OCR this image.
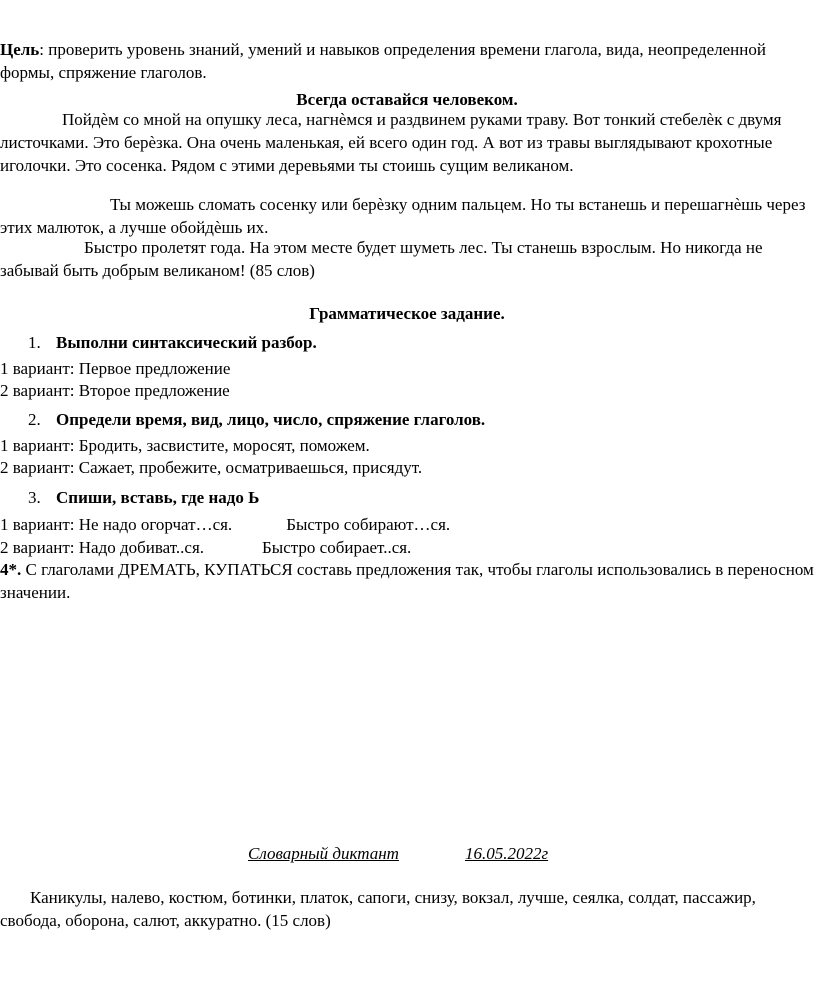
Цель: проверить уровень знаний, умений и навыков определения времени глагола, вида, неопределенной формы, спряжение глаголов.

Всегда оставайся человеком.

Пойдѐм со мной на опушку леса, нагнѐмся и раздвинем руками траву. Вот тонкий стебелѐк с двумя листочками. Это берѐзка. Она очень маленькая, ей всего один год. А вот из травы выглядывают крохотные иголочки. Это сосенка. Рядом с этими деревьями ты стоишь сущим великаном.

Ты можешь сломать сосенку или берѐзку одним пальцем. Но ты встанешь и перешагнѐшь через этих малюток, а лучше обойдѐшь их.

Быстро пролетят года. На этом месте будет шуметь лес. Ты станешь взрослым. Но никогда не забывай быть добрым великаном! (85 слов)

Грамматическое задание.

1. Выполни синтаксический разбор.

1 вариант: Первое предложение

2 вариант: Второе предложение

2. Определи время, вид, лицо, число, спряжение глаголов.

1 вариант: Бродить, засвистите, моросят, поможем.

2 вариант: Сажает, пробежите, осматриваешься, присядут.

3. Спиши, вставь, где надо Ь

1 вариант: Не надо огорчат…ся.	Быстро собирают…ся.

2 вариант: Надо добиват..ся.	Быстро собирает..ся.

4*. С глаголами ДРЕМАТЬ, КУПАТЬСЯ составь предложения так, чтобы глаголы использовались в переносном значении.

Словарный диктант	16.05.2022г

Каникулы, налево, костюм, ботинки, платок, сапоги, снизу, вокзал, лучше, сеялка, солдат, пассажир, свобода, оборона, салют, аккуратно. (15 слов)
